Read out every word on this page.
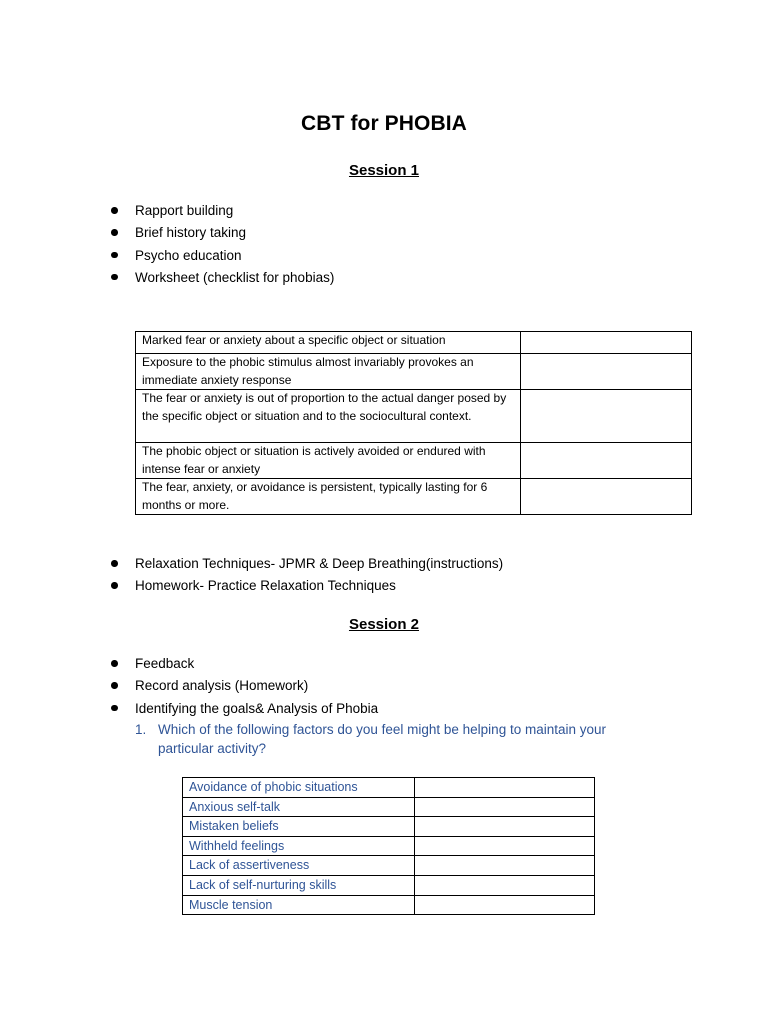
CBT for PHOBIA
Session 1
Rapport building
Brief history taking
Psycho education
Worksheet (checklist for phobias)
Marked fear or anxiety about a specific object or situation	
Exposure to the phobic stimulus almost invariably provokes an immediate anxiety response	
The fear or anxiety is out of proportion to the actual danger posed by the specific object or situation and to the sociocultural context.	
The phobic object or situation is actively avoided or endured with intense fear or anxiety	
The fear, anxiety, or avoidance is persistent, typically lasting for 6 months or more.	
Relaxation Techniques- JPMR & Deep Breathing(instructions)
Homework- Practice Relaxation Techniques
Session 2
Feedback
Record analysis (Homework)
Identifying the goals& Analysis of Phobia
1. Which of the following factors do you feel might be helping to maintain your particular activity?
Avoidance of phobic situations	
Anxious self-talk	
Mistaken beliefs	
Withheld feelings	
Lack of assertiveness	
Lack of self-nurturing skills	
Muscle tension	
